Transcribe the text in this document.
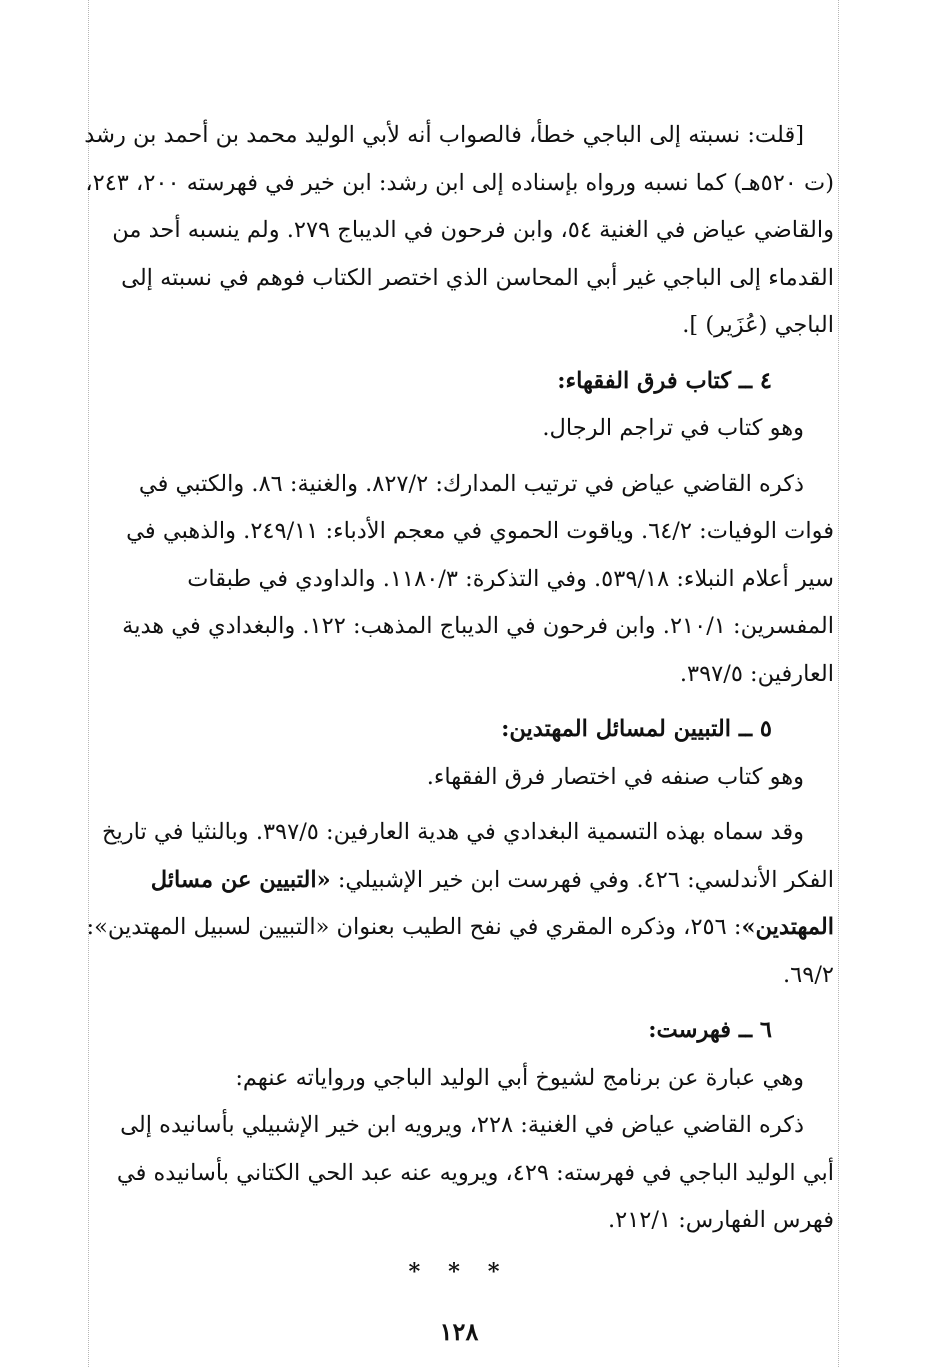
[قلت: نسبته إلى الباجي خطأ، فالصواب أنه لأبي الوليد محمد بن أحمد بن رشد (ت ٥٢٠هـ) كما نسبه ورواه بإسناده إلى ابن رشد: ابن خير في فهرسته ٢٠٠، ٢٤٣، والقاضي عياض في الغنية ٥٤، وابن فرحون في الديباج ٢٧٩. ولم ينسبه أحد من القدماء إلى الباجي غير أبي المحاسن الذي اختصر الكتاب فوهم في نسبته إلى الباجي (عُزَير) ].

٤ ــ كتاب فرق الفقهاء:

وهو كتاب في تراجم الرجال.

ذكره القاضي عياض في ترتيب المدارك: ٨٢٧/٢. والغنية: ٨٦. والكتبي في فوات الوفيات: ٦٤/٢. وياقوت الحموي في معجم الأدباء: ٢٤٩/١١. والذهبي في سير أعلام النبلاء: ٥٣٩/١٨. وفي التذكرة: ١١٨٠/٣. والداودي في طبقات المفسرين: ٢١٠/١. وابن فرحون في الديباج المذهب: ١٢٢. والبغدادي في هدية العارفين: ٣٩٧/٥.

٥ ــ التبيين لمسائل المهتدين:

وهو كتاب صنفه في اختصار فرق الفقهاء.

وقد سماه بهذه التسمية البغدادي في هدية العارفين: ٣٩٧/٥. وبالنثيا في تاريخ الفكر الأندلسي: ٤٢٦. وفي فهرست ابن خير الإشبيلي: «التبيين عن مسائل المهتدين»: ٢٥٦، وذكره المقري في نفح الطيب بعنوان «التبيين لسبيل المهتدين»: ٦٩/٢.

٦ ــ فهرست:

وهي عبارة عن برنامج لشيوخ أبي الوليد الباجي ورواياته عنهم:

ذكره القاضي عياض في الغنية: ٢٢٨، ويرويه ابن خير الإشبيلي بأسانيده إلى أبي الوليد الباجي في فهرسته: ٤٢٩، ويرويه عنه عبد الحي الكتاني بأسانيده في فهرس الفهارس: ٢١٢/١.

* * *

١٢٨
